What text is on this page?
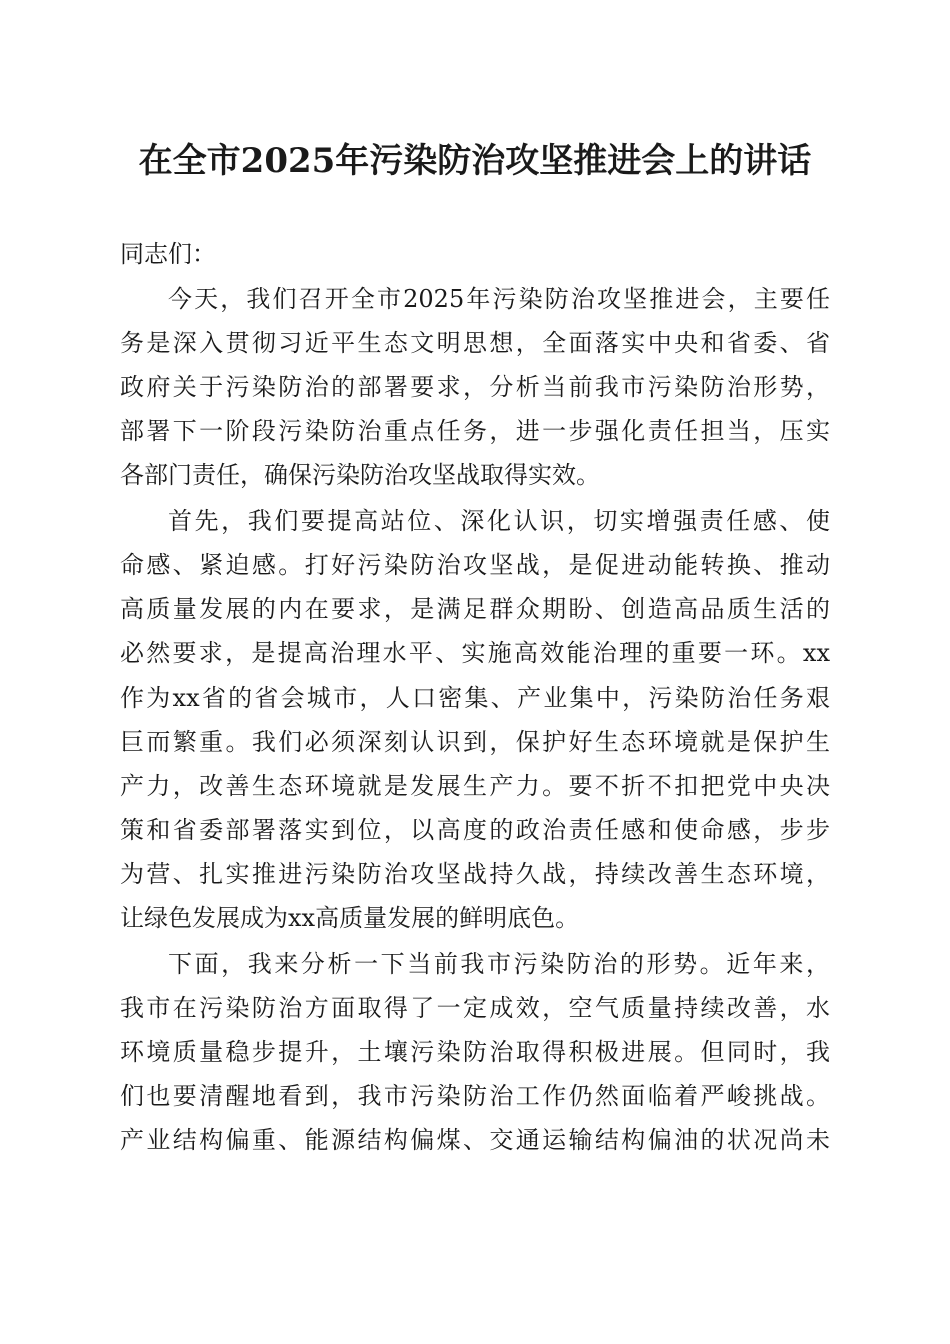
在全市2025年污染防治攻坚推进会上的讲话
同志们：
今天，我们召开全市2025年污染防治攻坚推进会，主要任
务是深入贯彻习近平生态文明思想，全面落实中央和省委、省
政府关于污染防治的部署要求，分析当前我市污染防治形势，
部署下一阶段污染防治重点任务，进一步强化责任担当，压实
各部门责任，确保污染防治攻坚战取得实效。
首先，我们要提高站位、深化认识，切实增强责任感、使
命感、紧迫感。打好污染防治攻坚战，是促进动能转换、推动
高质量发展的内在要求，是满足群众期盼、创造高品质生活的
必然要求，是提高治理水平、实施高效能治理的重要一环。xx
作为xx省的省会城市，人口密集、产业集中，污染防治任务艰
巨而繁重。我们必须深刻认识到，保护好生态环境就是保护生
产力，改善生态环境就是发展生产力。要不折不扣把党中央决
策和省委部署落实到位，以高度的政治责任感和使命感，步步
为营、扎实推进污染防治攻坚战持久战，持续改善生态环境，
让绿色发展成为xx高质量发展的鲜明底色。
下面，我来分析一下当前我市污染防治的形势。近年来，
我市在污染防治方面取得了一定成效，空气质量持续改善，水
环境质量稳步提升，土壤污染防治取得积极进展。但同时，我
们也要清醒地看到，我市污染防治工作仍然面临着严峻挑战。
产业结构偏重、能源结构偏煤、交通运输结构偏油的状况尚未
